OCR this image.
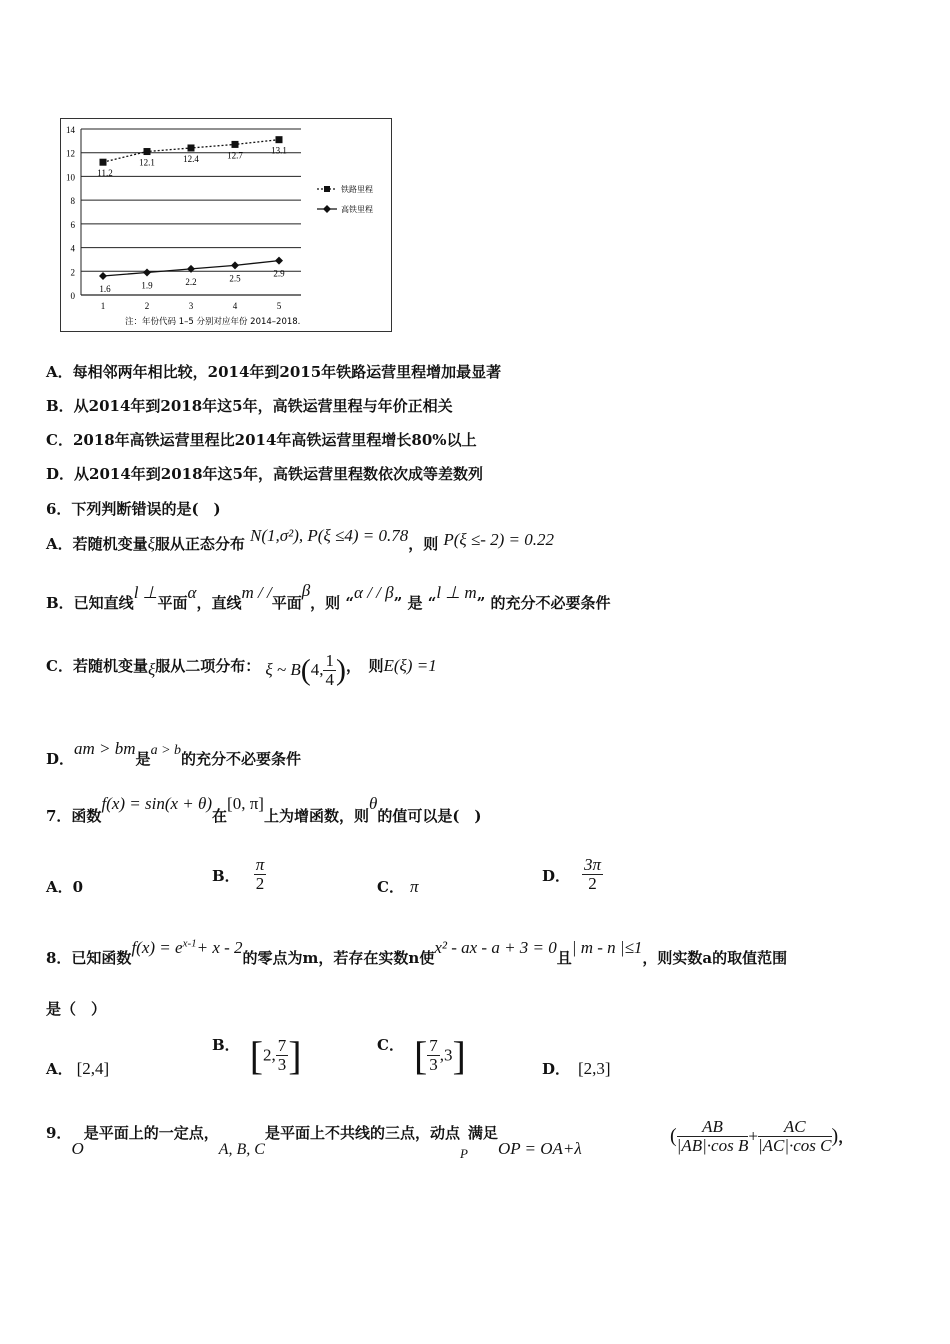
0
2
4
6
8
10
12
14
1	2	3	4	5
11.2
12.1	12.4	12.7	13.1
1.6	1.9	2.2	2.5	2.9
铁路里程
高铁里程
注：年份代码 1–5 分别对应年份 2014–2018.
A．每相邻两年相比较，2014年到2015年铁路运营里程增加最显著
B．从2014年到2018年这5年，高铁运营里程与年价正相关
C．2018年高铁运营里程比2014年高铁运营里程增长80%以上
D．从2014年到2018年这5年，高铁运营里程数依次成等差数列
6．下列判断错误的是(　)
A．若随机变量ξ服从正态分布 N(1,σ²), P(ξ ≤4) = 0.78，则 P(ξ ≤- 2) = 0.22
B．已知直线l ⊥平面α，直线m / /平面β，则 “α / / β” 是 “l ⊥ m” 的充分不必要条件
C．若随机变量ξ服从二项分布： ξ ~ B(4, $\frac{1}{4}$ )，　则E(ξ) =1
D．am > bm是a > b的充分不必要条件
7．函数f(x) = sin(x + θ)在[0, π]上为增函数，则θ的值可以是(　)
A．0
B． $\frac{\pi}{2}$	C． π
D． $\frac{3\pi}{2}$
8．已知函数$f(x) = e^{x-1}+ x - 2$的零点为m，若存在实数n使x² - ax - a + 3 = 0且| m - n |≤1，则实数a的取值范围
是（　）
A． [2,4]
B． [2, $\frac{7}{3}$ ]	C． [ $\frac{7}{3} ,3$]	D． [2,3]
9．O是平面上的一定点，A, B, C是平面上不共线的三点，动点$_P$满足OP = OA+λ
( $\frac{AB}{\text{|AB|·cos B}} + \frac{AC}{\text{|AC|·cos C}}$ )，
